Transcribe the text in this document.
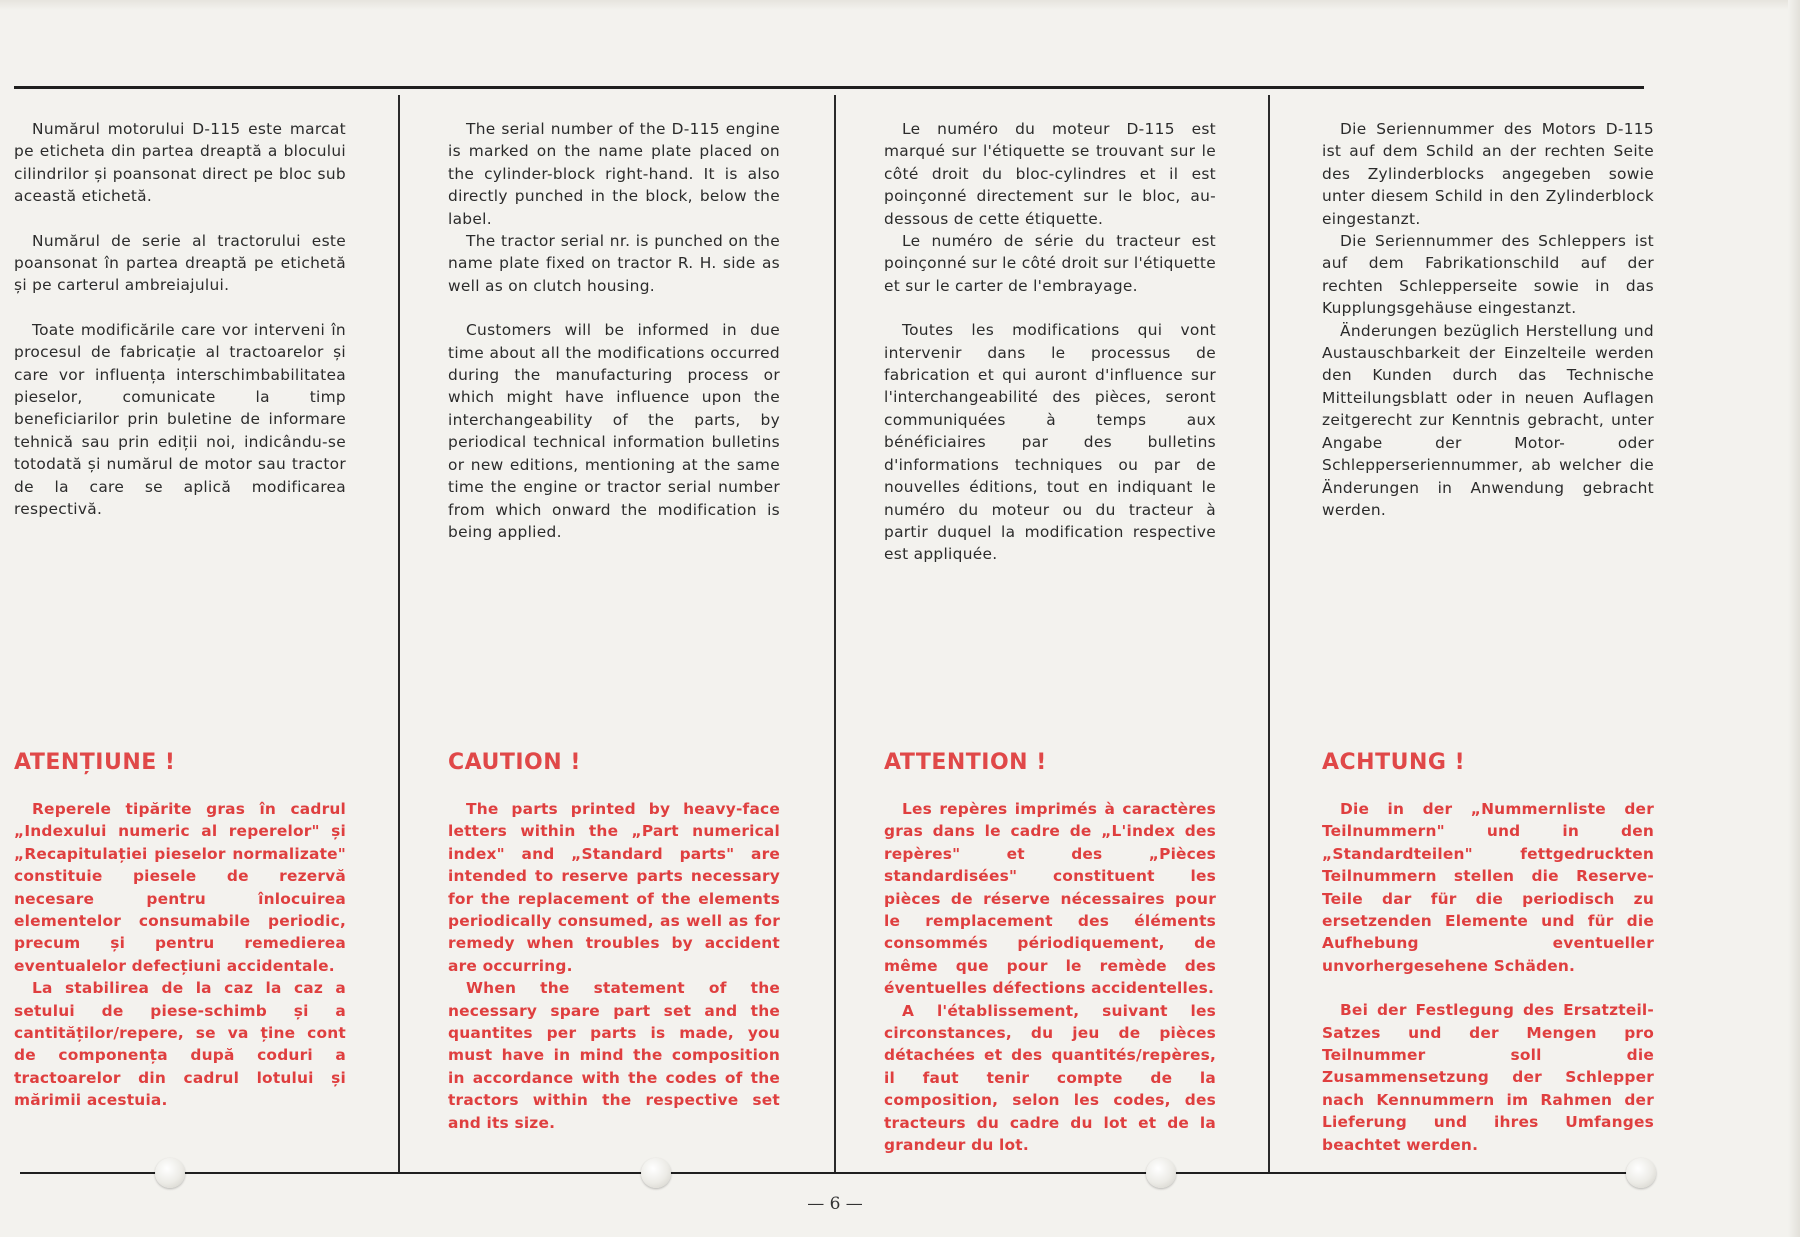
Numărul motorului D-115 este marcat pe eticheta din partea dreaptă a blocului cilindrilor și poansonat direct pe bloc sub această etichetă.

Numărul de serie al tractorului este poansonat în partea dreaptă pe etichetă și pe carterul ambreiajului.

Toate modificările care vor interveni în procesul de fabricație al tractoarelor și care vor influența interschimbabilitatea pieselor, comunicate la timp beneficiarilor prin buletine de informare tehnică sau prin ediții noi, indicându-se totodată și numărul de motor sau tractor de la care se aplică modificarea respectivă.

ATENȚIUNE !

Reperele tipărite gras în cadrul „Indexului numeric al reperelor" și „Recapitulației pieselor normalizate" constituie piesele de rezervă necesare pentru înlocuirea elementelor consumabile periodic, precum și pentru remedierea eventualelor defecțiuni accidentale.

La stabilirea de la caz la caz a setului de piese-schimb și a cantităților/repere, se va ține cont de componența după coduri a tractoarelor din cadrul lotului și mărimii acestuia.

The serial number of the D-115 engine is marked on the name plate placed on the cylinder-block right-hand. It is also directly punched in the block, below the label.

The tractor serial nr. is punched on the name plate fixed on tractor R. H. side as well as on clutch housing.

Customers will be informed in due time about all the modifications occurred during the manufacturing process or which might have influence upon the interchangeability of the parts, by periodical technical information bulletins or new editions, mentioning at the same time the engine or tractor serial number from which onward the modification is being applied.

CAUTION !

The parts printed by heavy-face letters within the „Part numerical index" and „Standard parts" are intended to reserve parts necessary for the replacement of the elements periodically consumed, as well as for remedy when troubles by accident are occurring.

When the statement of the necessary spare part set and the quantites per parts is made, you must have in mind the composition in accordance with the codes of the tractors within the respective set and its size.

Le numéro du moteur D-115 est marqué sur l'étiquette se trouvant sur le côté droit du bloc-cylindres et il est poinçonné directement sur le bloc, au-dessous de cette étiquette.

Le numéro de série du tracteur est poinçonné sur le côté droit sur l'étiquette et sur le carter de l'embrayage.

Toutes les modifications qui vont intervenir dans le processus de fabrication et qui auront d'influence sur l'interchangeabilité des pièces, seront communiquées à temps aux bénéficiaires par des bulletins d'informations techniques ou par de nouvelles éditions, tout en indiquant le numéro du moteur ou du tracteur à partir duquel la modification respective est appliquée.

ATTENTION !

Les repères imprimés à caractères gras dans le cadre de „L'index des repères" et des „Pièces standardisées" constituent les pièces de réserve nécessaires pour le remplacement des éléments consommés périodiquement, de même que pour le remède des éventuelles défections accidentelles.

A l'établissement, suivant les circonstances, du jeu de pièces détachées et des quantités/repères, il faut tenir compte de la composition, selon les codes, des tracteurs du cadre du lot et de la grandeur du lot.

Die Seriennummer des Motors D-115 ist auf dem Schild an der rechten Seite des Zylinderblocks angegeben sowie unter diesem Schild in den Zylinderblock eingestanzt.

Die Seriennummer des Schleppers ist auf dem Fabrikationschild auf der rechten Schlepperseite sowie in das Kupplungsgehäuse eingestanzt.

Änderungen bezüglich Herstellung und Austauschbarkeit der Einzelteile werden den Kunden durch das Technische Mitteilungsblatt oder in neuen Auflagen zeitgerecht zur Kenntnis gebracht, unter Angabe der Motor- oder Schlepperseriennummer, ab welcher die Änderungen in Anwendung gebracht werden.

ACHTUNG !

Die in der „Nummernliste der Teilnummern" und in den „Standardteilen" fettgedruckten Teilnummern stellen die Reserve-Teile dar für die periodisch zu ersetzenden Elemente und für die Aufhebung eventueller unvorhergesehene Schäden.

Bei der Festlegung des Ersatzteil-Satzes und der Mengen pro Teilnummer soll die Zusammensetzung der Schlepper nach Kennummern im Rahmen der Lieferung und ihres Umfanges beachtet werden.

— 6 —
